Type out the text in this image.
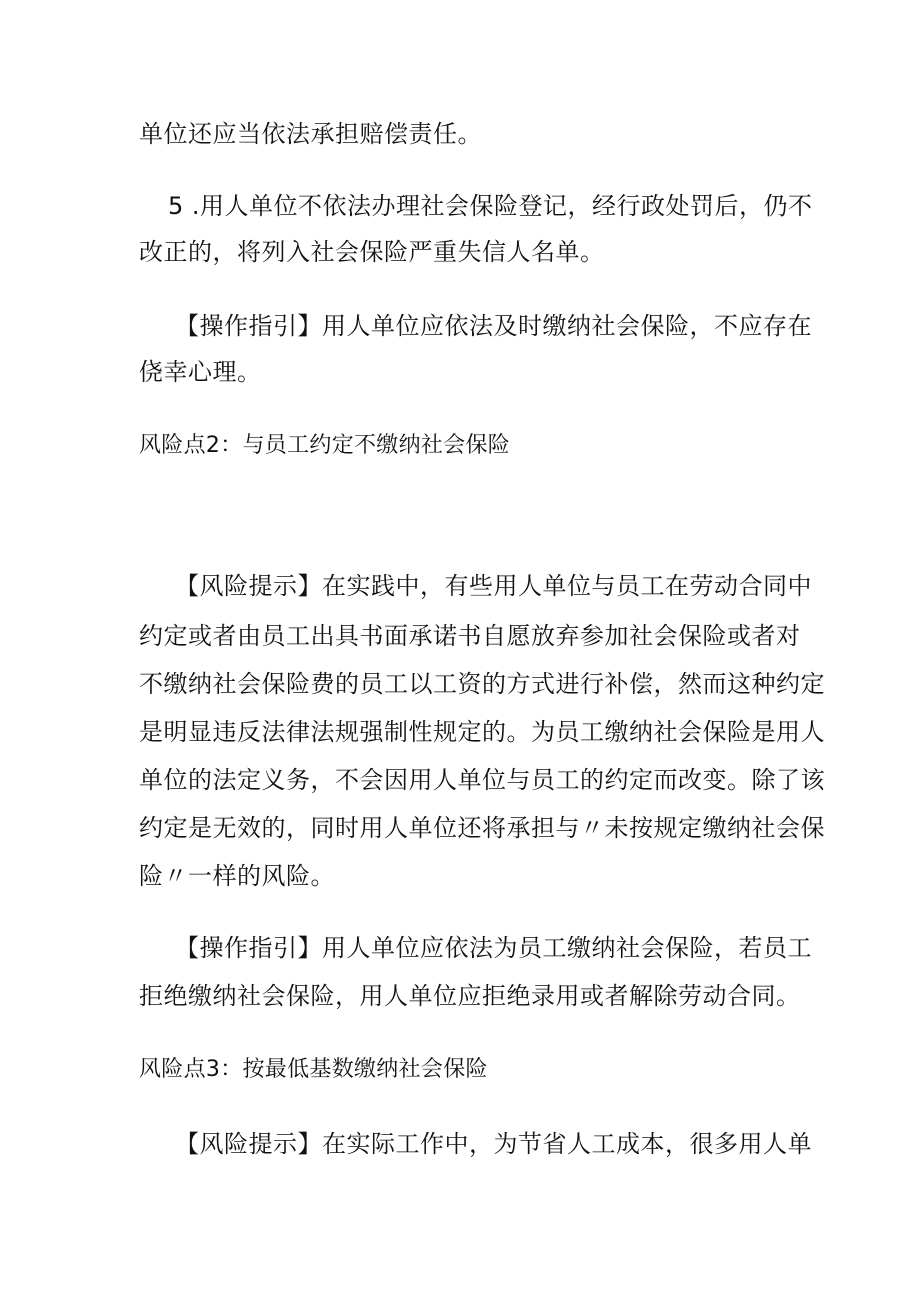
单位还应当依法承担赔偿责任。
5 .用人单位不依法办理社会保险登记，经行政处罚后，仍不
改正的，将列入社会保险严重失信人名单。
【操作指引】用人单位应依法及时缴纳社会保险，不应存在
侥幸心理。
风险点2：与员工约定不缴纳社会保险
【风险提示】在实践中，有些用人单位与员工在劳动合同中
约定或者由员工出具书面承诺书自愿放弃参加社会保险或者对
不缴纳社会保险费的员工以工资的方式进行补偿，然而这种约定
是明显违反法律法规强制性规定的。为员工缴纳社会保险是用人
单位的法定义务，不会因用人单位与员工的约定而改变。除了该
约定是无效的，同时用人单位还将承担与〃未按规定缴纳社会保
险〃一样的风险。
【操作指引】用人单位应依法为员工缴纳社会保险，若员工
拒绝缴纳社会保险，用人单位应拒绝录用或者解除劳动合同。
风险点3：按最低基数缴纳社会保险
【风险提示】在实际工作中，为节省人工成本，很多用人单
